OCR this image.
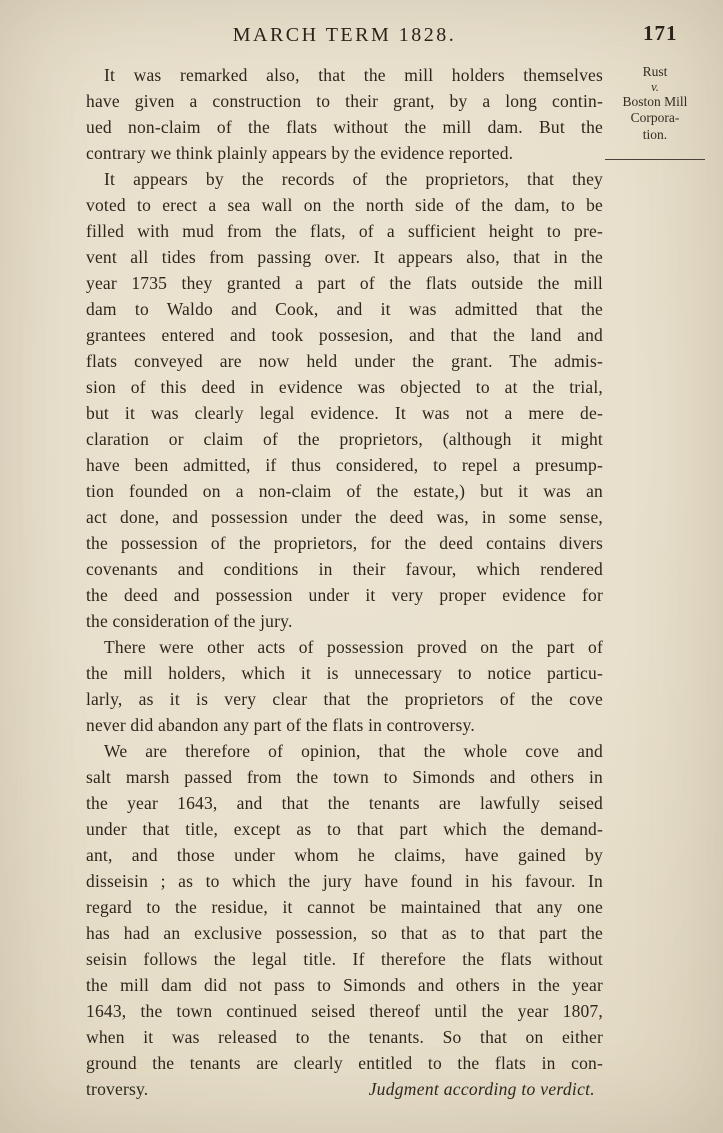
MARCH TERM 1828.	171
Rust
v.
Boston Mill
Corpora-
tion.
It was remarked also, that the mill holders themselves
have given a construction to their grant, by a long contin-
ued non-claim of the flats without the mill dam. But the
contrary we think plainly appears by the evidence reported.
It appears by the records of the proprietors, that they
voted to erect a sea wall on the north side of the dam, to be
filled with mud from the flats, of a sufficient height to pre-
vent all tides from passing over. It appears also, that in the
year 1735 they granted a part of the flats outside the mill
dam to Waldo and Cook, and it was admitted that the
grantees entered and took possesion, and that the land and
flats conveyed are now held under the grant. The admis-
sion of this deed in evidence was objected to at the trial,
but it was clearly legal evidence. It was not a mere de-
claration or claim of the proprietors, (although it might
have been admitted, if thus considered, to repel a presump-
tion founded on a non-claim of the estate,) but it was an
act done, and possession under the deed was, in some sense,
the possession of the proprietors, for the deed contains divers
covenants and conditions in their favour, which rendered
the deed and possession under it very proper evidence for
the consideration of the jury.
There were other acts of possession proved on the part of
the mill holders, which it is unnecessary to notice particu-
larly, as it is very clear that the proprietors of the cove
never did abandon any part of the flats in controversy.
We are therefore of opinion, that the whole cove and
salt marsh passed from the town to Simonds and others in
the year 1643, and that the tenants are lawfully seised
under that title, except as to that part which the demand-
ant, and those under whom he claims, have gained by
disseisin ; as to which the jury have found in his favour. In
regard to the residue, it cannot be maintained that any one
has had an exclusive possession, so that as to that part the
seisin follows the legal title. If therefore the flats without
the mill dam did not pass to Simonds and others in the year
1643, the town continued seised thereof until the year 1807,
when it was released to the tenants. So that on either
ground the tenants are clearly entitled to the flats in con-
troversy.	Judgment according to verdict.
